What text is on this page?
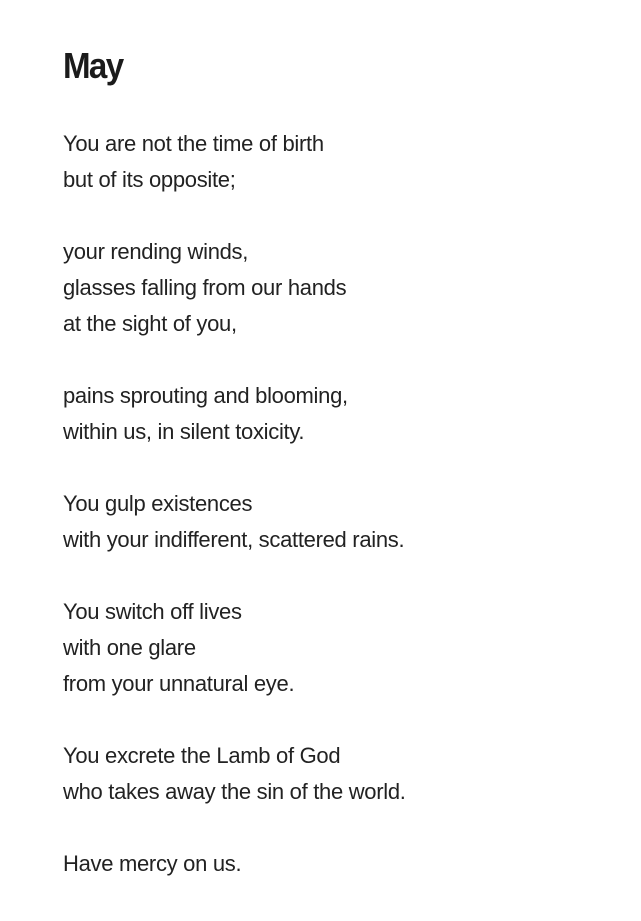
May
You are not the time of birth
but of its opposite;
your rending winds,
glasses falling from our hands
at the sight of you,
pains sprouting and blooming,
within us, in silent toxicity.
You gulp existences
with your indifferent, scattered rains.
You switch off lives
with one glare
from your unnatural eye.
You excrete the Lamb of God
who takes away the sin of the world.
Have mercy on us.
